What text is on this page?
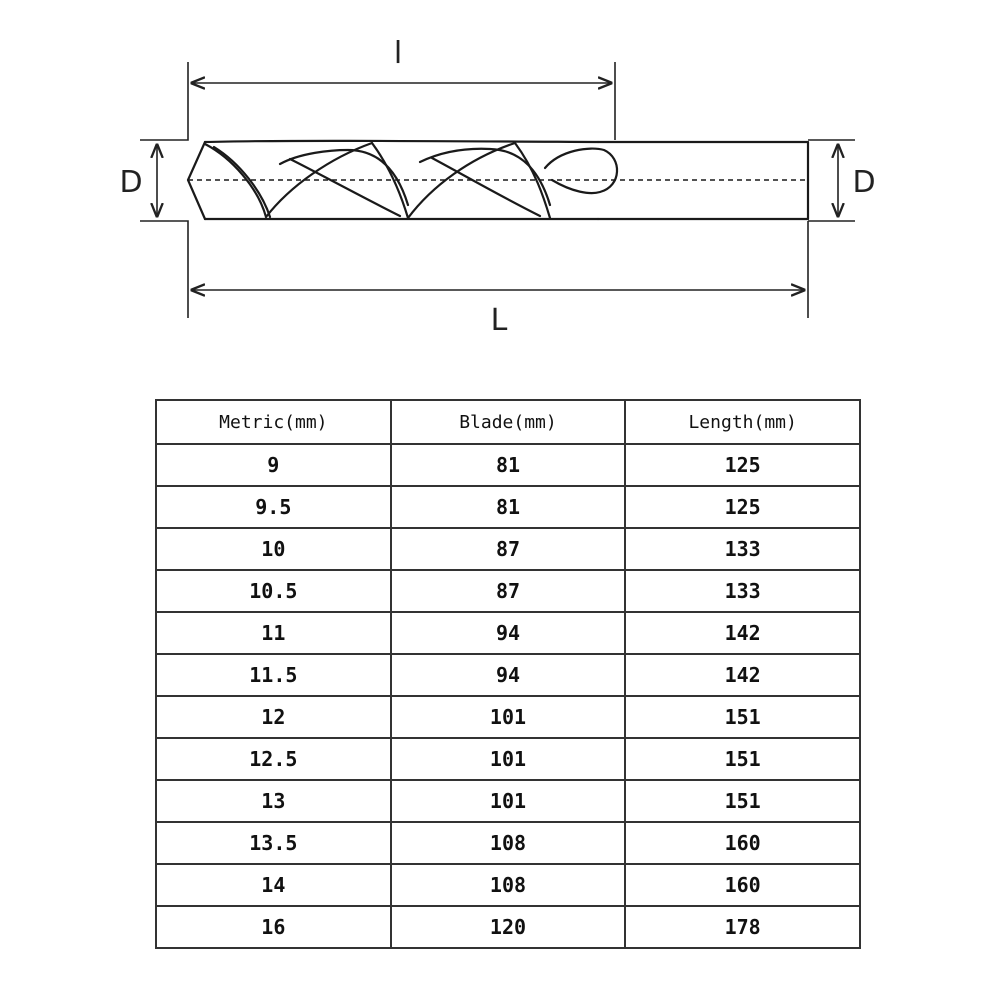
l
L
D	D
Metric(mm)	Blade(mm)	Length(mm)
9	81	125
9.5	81	125
10	87	133
10.5	87	133
11	94	142
11.5	94	142
12	101	151
12.5	101	151
13	101	151
13.5	108	160
14	108	160
16	120	178
